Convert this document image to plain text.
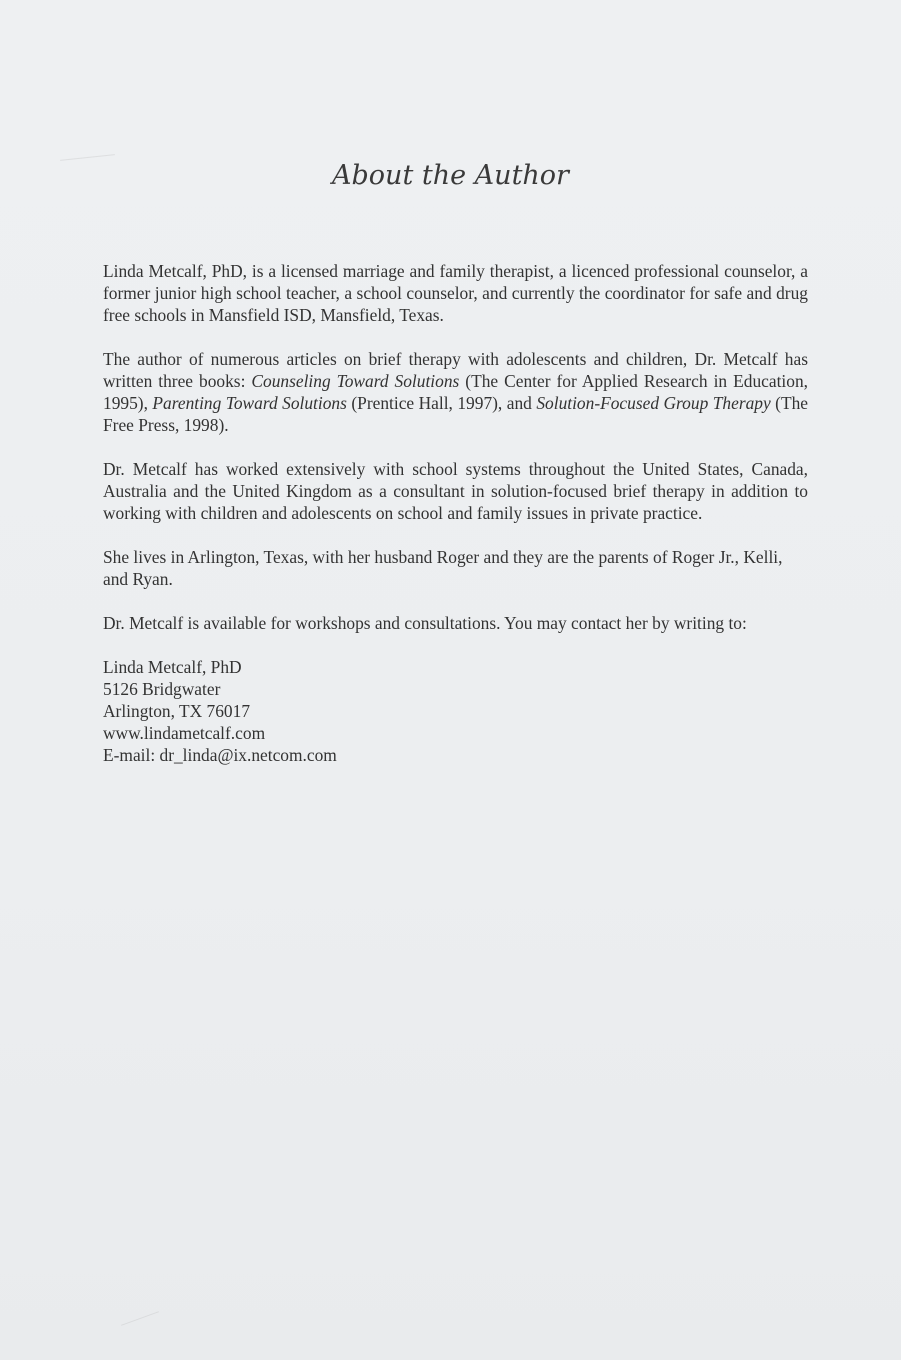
About the Author

Linda Metcalf, PhD, is a licensed marriage and family therapist, a licenced professional counselor, a former junior high school teacher, a school counselor, and currently the coordinator for safe and drug free schools in Mansfield ISD, Mansfield, Texas.

The author of numerous articles on brief therapy with adolescents and children, Dr. Metcalf has written three books: Counseling Toward Solutions (The Center for Applied Research in Education, 1995), Parenting Toward Solutions (Prentice Hall, 1997), and Solution-Focused Group Therapy (The Free Press, 1998).

Dr. Metcalf has worked extensively with school systems throughout the United States, Canada, Australia and the United Kingdom as a consultant in solution-focused brief therapy in addition to working with children and adolescents on school and family issues in private practice.

She lives in Arlington, Texas, with her husband Roger and they are the parents of Roger Jr., Kelli, and Ryan.

Dr. Metcalf is available for workshops and consultations. You may contact her by writing to:

Linda Metcalf, PhD
5126 Bridgwater
Arlington, TX 76017
www.lindametcalf.com
E-mail: dr_linda@ix.netcom.com
